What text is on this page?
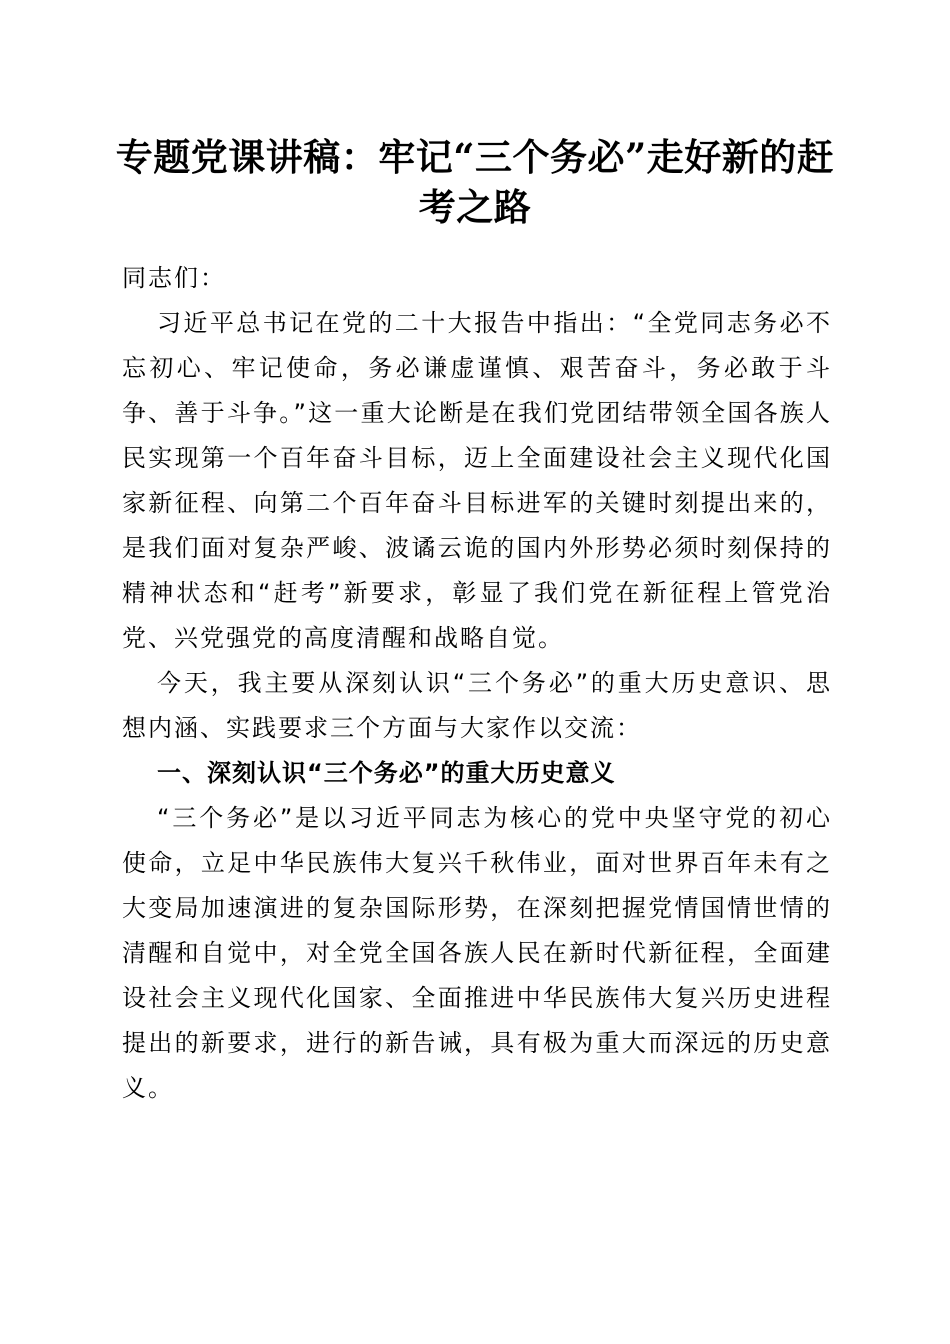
专题党课讲稿：牢记“三个务必”走好新的赶考之路

同志们：

习近平总书记在党的二十大报告中指出：“全党同志务必不忘初心、牢记使命，务必谦虚谨慎、艰苦奋斗，务必敢于斗争、善于斗争。”这一重大论断是在我们党团结带领全国各族人民实现第一个百年奋斗目标，迈上全面建设社会主义现代化国家新征程、向第二个百年奋斗目标进军的关键时刻提出来的，是我们面对复杂严峻、波谲云诡的国内外形势必须时刻保持的精神状态和“赶考”新要求，彰显了我们党在新征程上管党治党、兴党强党的高度清醒和战略自觉。

今天，我主要从深刻认识“三个务必”的重大历史意识、思想内涵、实践要求三个方面与大家作以交流：

一、深刻认识“三个务必”的重大历史意义

“三个务必”是以习近平同志为核心的党中央坚守党的初心使命，立足中华民族伟大复兴千秋伟业，面对世界百年未有之大变局加速演进的复杂国际形势，在深刻把握党情国情世情的清醒和自觉中，对全党全国各族人民在新时代新征程，全面建设社会主义现代化国家、全面推进中华民族伟大复兴历史进程提出的新要求，进行的新告诫，具有极为重大而深远的历史意义。
